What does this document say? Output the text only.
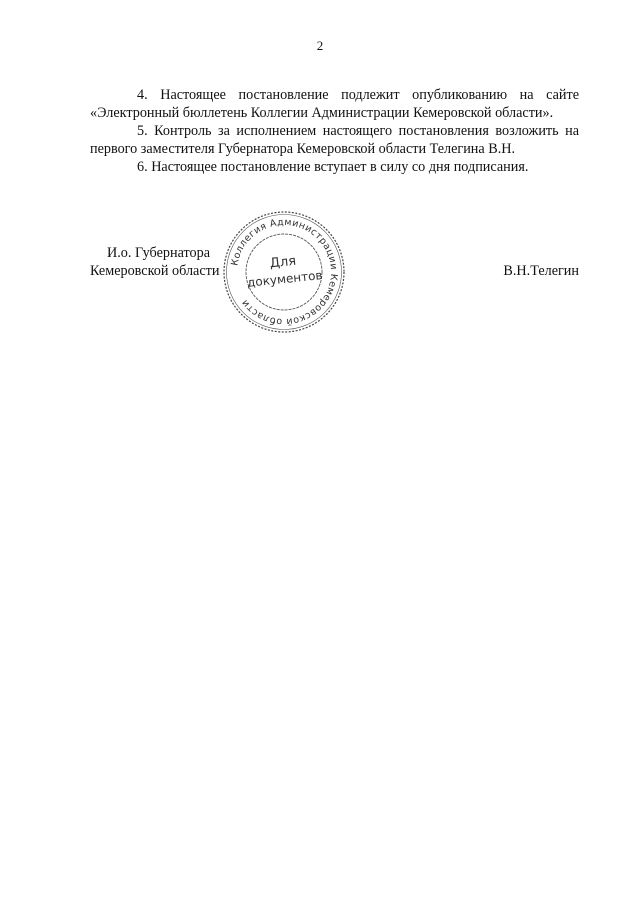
2

4. Настоящее постановление подлежит опубликованию на сайте «Электронный бюллетень Коллегии Администрации Кемеровской области».

5. Контроль за исполнением настоящего постановления возложить на первого заместителя Губернатора Кемеровской области Телегина В.Н.

6. Настоящее постановление вступает в силу со дня подписания.

И.о. Губернатора
Кемеровской области	В.Н.Телегин
Коллегия Администрации Кемеровской области
Для
документов
